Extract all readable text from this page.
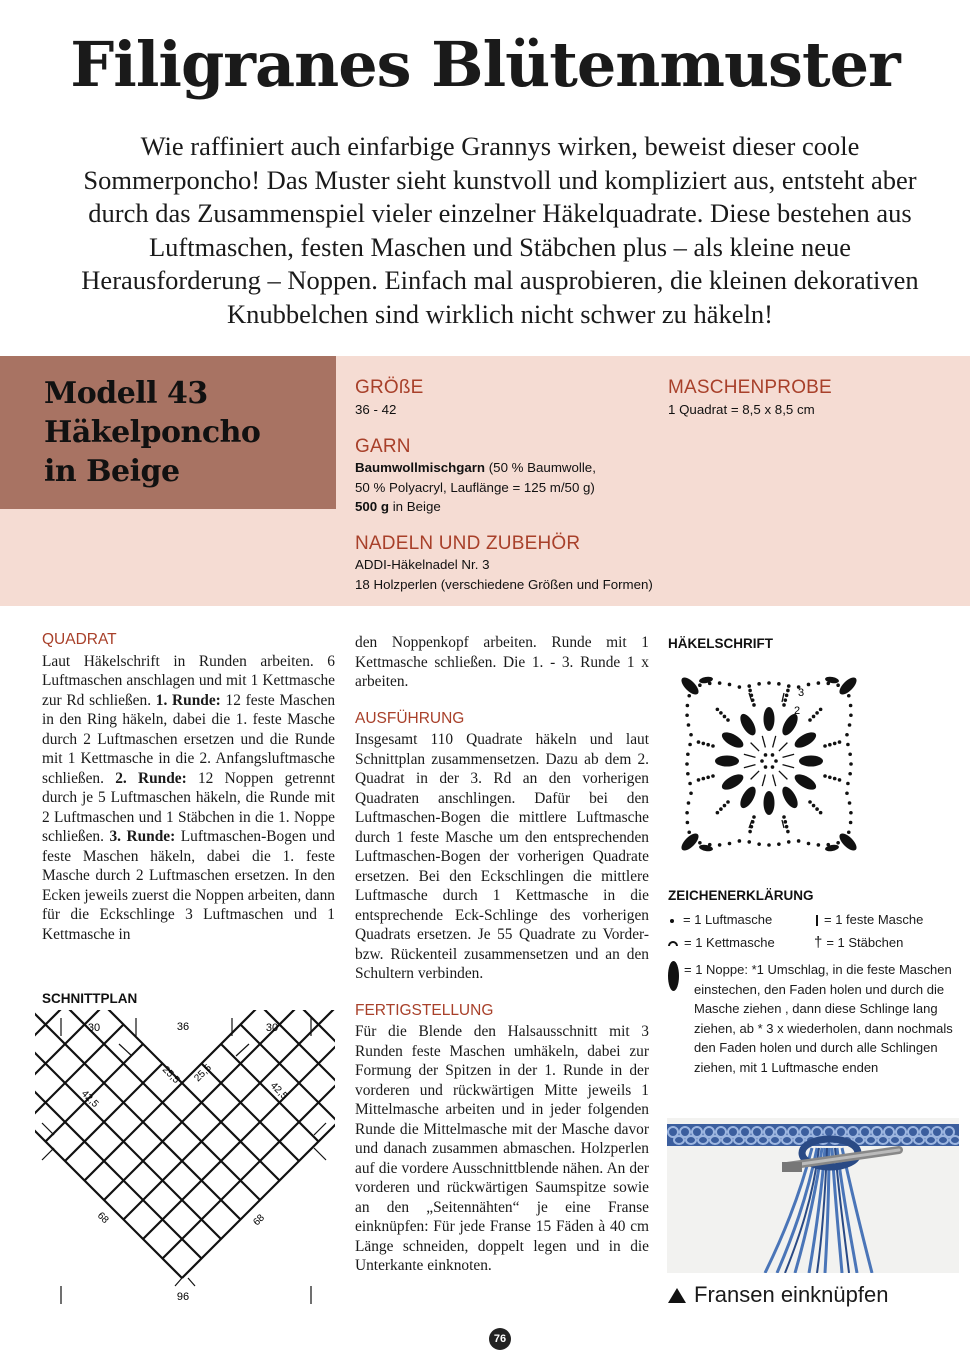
Filigranes Blütenmuster
Wie raffiniert auch einfarbige Grannys wirken, beweist dieser coole Sommerponcho! Das Muster sieht kunstvoll und kompliziert aus, entsteht aber durch das Zusammenspiel vieler einzelner Häkelquadrate. Diese bestehen aus Luftmaschen, festen Maschen und Stäbchen plus – als kleine neue Herausforderung – Noppen. Einfach mal ausprobieren, die kleinen dekorativen Knubbelchen sind wirklich nicht schwer zu häkeln!
Modell 43
Häkelponcho
in Beige
GRÖßE
36 - 42
GARN
Baumwollmischgarn (50 % Baumwolle,
50 % Polyacryl, Lauflänge = 125 m/50 g)
500 g in Beige
NADELN UND ZUBEHÖR
ADDI-Häkelnadel Nr. 3
18 Holzperlen (verschiedene Größen und Formen)
MASCHENPROBE
1 Quadrat = 8,5 x 8,5 cm
QUADRAT
Laut Häkelschrift in Runden arbeiten. 6 Luftmaschen anschlagen und mit 1 Kettmasche zur Rd schließen. 1. Runde: 12 feste Maschen in den Ring häkeln, dabei die 1. feste Masche durch 2 Luftmaschen ersetzen und die Runde mit 1 Kettmasche in die 2. Anfangsluftmasche schließen. 2. Runde: 12 Noppen getrennt durch je 5 Luftmaschen häkeln, die Runde mit 2 Luftmaschen und 1 Stäbchen in die 1. Noppe schließen. 3. Runde: Luftmaschen-Bogen und feste Maschen häkeln, dabei die 1. feste Masche durch 2 Luftmaschen ersetzen. In den Ecken jeweils zuerst die Noppen arbeiten, dann für die Eckschlinge 3 Luftmaschen und 1 Kettmasche in
SCHNITTPLAN
30	36	30
42,5
25,5 25,5
42,5
68	68
96
den Noppenkopf arbeiten. Runde mit 1 Kettmasche schließen. Die 1. - 3. Runde 1 x arbeiten.
AUSFÜHRUNG
Insgesamt 110 Quadrate häkeln und laut Schnittplan zusammensetzen. Dazu ab dem 2. Quadrat in der 3. Rd an den vorherigen Quadraten anschlingen. Dafür bei den Luftmaschen-Bogen die mittlere Luftmasche durch 1 feste Masche um den entsprechenden Luftmaschen-Bogen der vorherigen Quadrate ersetzen. Bei den Eckschlingen die mittlere Luftmasche durch 1 Kettmasche in die entsprechende Eck-Schlinge des vorherigen Quadrats ersetzen. Je 55 Quadrate zu Vorder- bzw. Rückenteil zusammensetzen und an den Schultern verbinden.
FERTIGSTELLUNG
Für die Blende den Halsausschnitt mit 3 Runden feste Maschen umhäkeln, dabei zur Formung der Spitzen in der 1. Runde in der vorderen und rückwärtigen Mitte jeweils 1 Mittelmasche arbeiten und in jeder folgenden Runde die Mittelmasche mit der Masche davor und danach zusammen abmaschen. Holzperlen auf die vordere Ausschnittblende nähen. An der vorderen und rückwärtigen Saumspitze sowie an den „Seitennähten“ je eine Franse einknüpfen: Für jede Franse 15 Fäden à 40 cm Länge schneiden, doppelt legen und in die Unterkante einknoten.
HÄKELSCHRIFT
2
3
ZEICHENERKLÄRUNG
= 1 Luftmasche	= 1 feste Masche
= 1 Kettmasche	† = 1 Stäbchen
= 1 Noppe: *1 Umschlag, in die feste Maschen einstechen, den Faden holen und durch die Masche ziehen , dann diese Schlinge lang ziehen, ab * 3 x wiederholen, dann nochmals den Faden holen und durch alle Schlingen ziehen, mit 1 Luftmasche enden
Fransen einknüpfen
76
